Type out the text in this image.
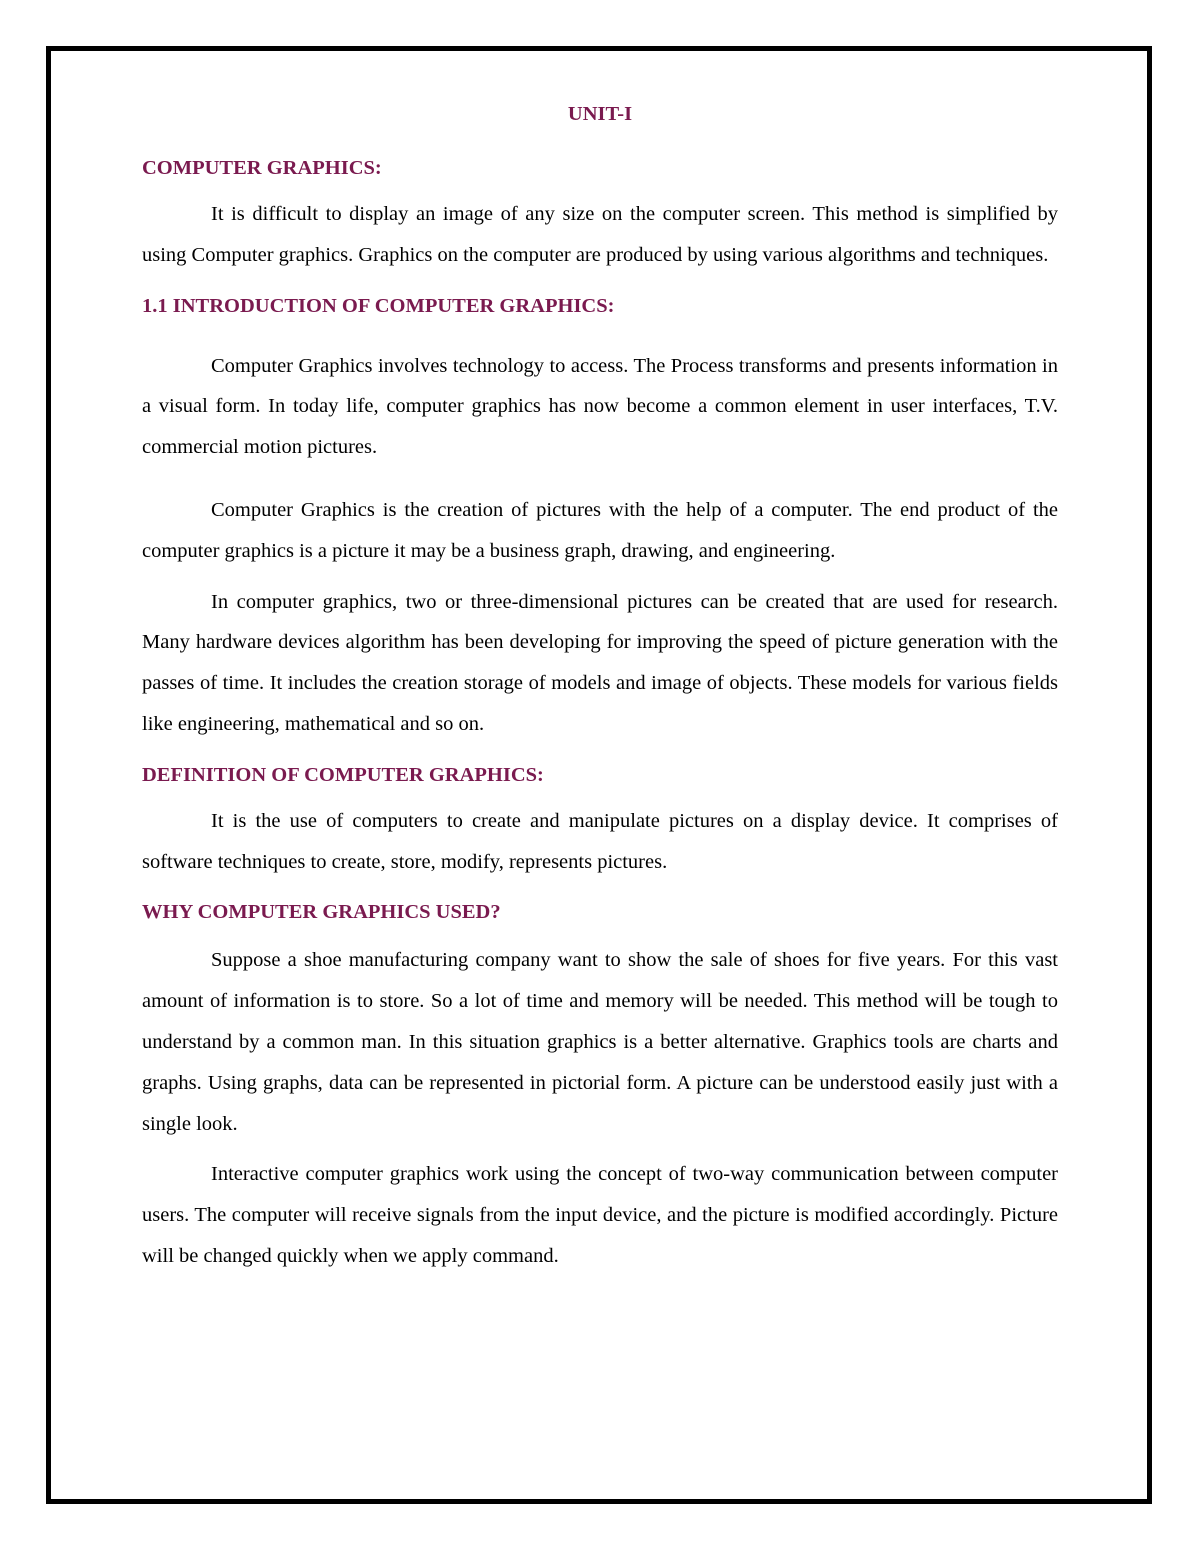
UNIT-I
COMPUTER GRAPHICS:

It is difficult to display an image of any size on the computer screen. This method is simplified by using Computer graphics. Graphics on the computer are produced by using various algorithms and techniques.

1.1 INTRODUCTION OF COMPUTER GRAPHICS:

Computer Graphics involves technology to access. The Process transforms and presents information in a visual form. In today life, computer graphics has now become a common element in user interfaces, T.V. commercial motion pictures.

Computer Graphics is the creation of pictures with the help of a computer. The end product of the computer graphics is a picture it may be a business graph, drawing, and engineering.

In computer graphics, two or three-dimensional pictures can be created that are used for research. Many hardware devices algorithm has been developing for improving the speed of picture generation with the passes of time. It includes the creation storage of models and image of objects. These models for various fields like engineering, mathematical and so on.

DEFINITION OF COMPUTER GRAPHICS:

It is the use of computers to create and manipulate pictures on a display device. It comprises of software techniques to create, store, modify, represents pictures.

WHY COMPUTER GRAPHICS USED?

Suppose a shoe manufacturing company want to show the sale of shoes for five years. For this vast amount of information is to store. So a lot of time and memory will be needed. This method will be tough to understand by a common man. In this situation graphics is a better alternative. Graphics tools are charts and graphs. Using graphs, data can be represented in pictorial form. A picture can be understood easily just with a single look.

Interactive computer graphics work using the concept of two-way communication between computer users. The computer will receive signals from the input device, and the picture is modified accordingly. Picture will be changed quickly when we apply command.
